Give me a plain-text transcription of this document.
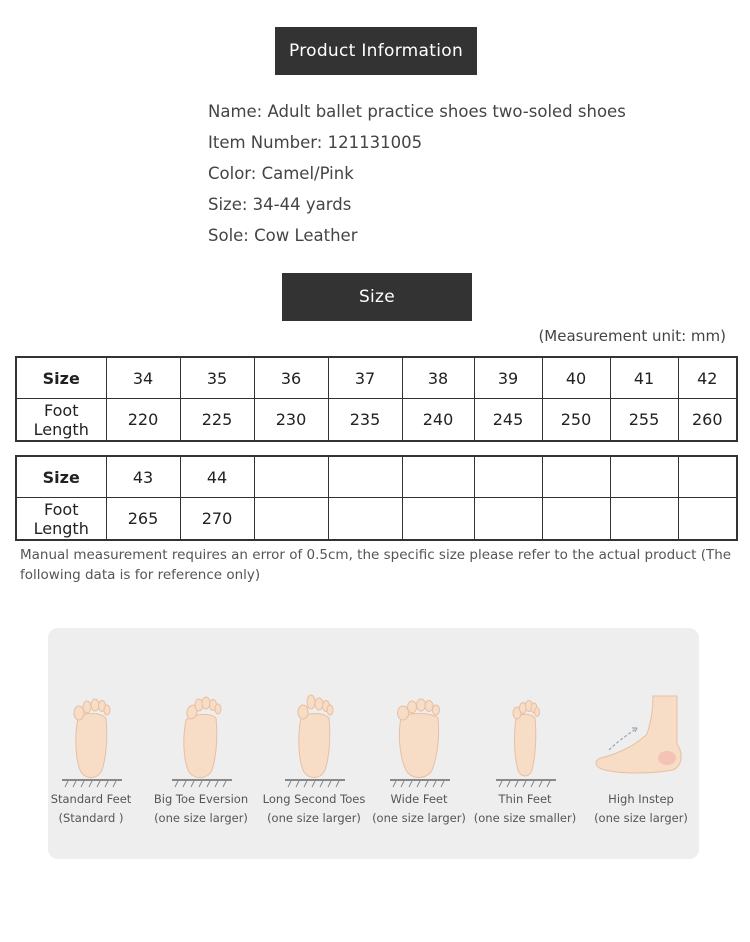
Product Information
Name: Adult ballet practice shoes two-soled shoes
Item Number: 121131005
Color: Camel/Pink
Size: 34-44 yards
Sole: Cow Leather
Size
(Measurement unit: mm)
Size	34	35	36	37	38	39	40	41	42
Foot Length	220	225	230	235	240	245	250	255	260
Size	43	44							
Foot Length	265	270							
Manual measurement requires an error of 0.5cm, the specific size please refer to the actual product (The following data is for reference only)
Standard Feet
(Standard )
Big Toe Eversion
(one size larger)
Long Second Toes
(one size larger)
Wide Feet
(one size larger)
Thin Feet
(one size smaller)
High Instep
(one size larger)
